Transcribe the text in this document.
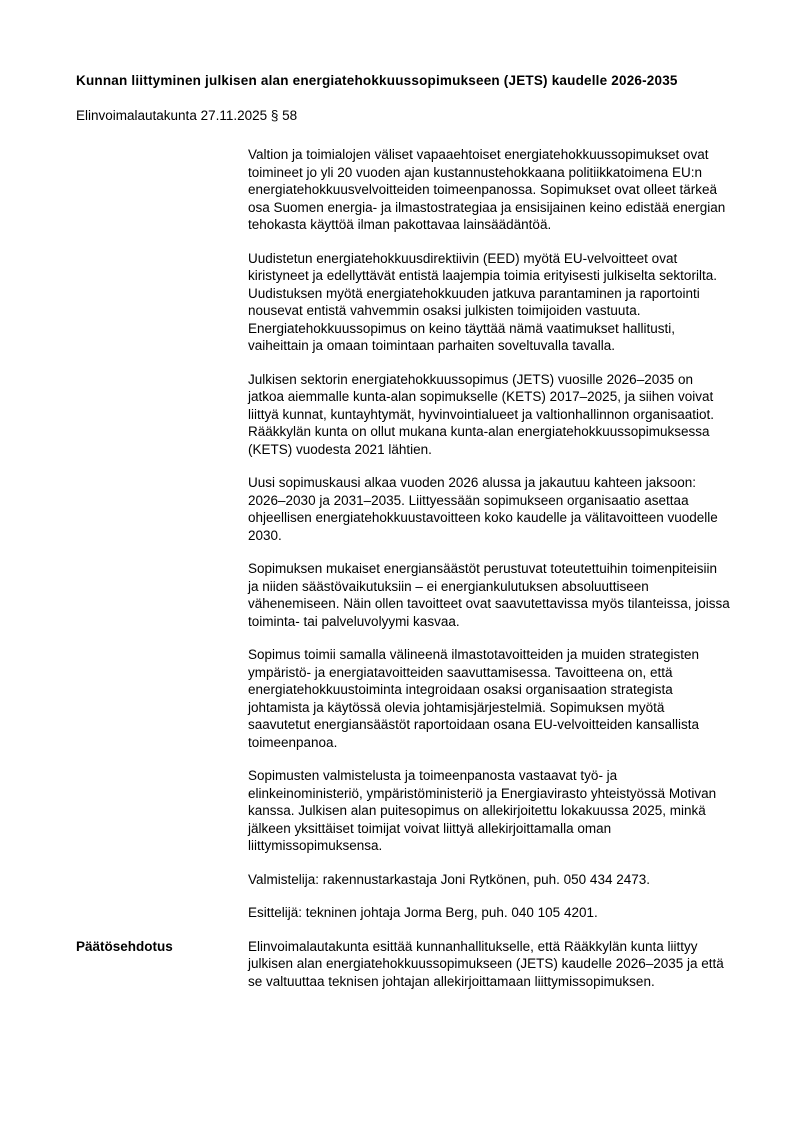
Kunnan liittyminen julkisen alan energiatehokkuussopimukseen (JETS) kaudelle 2026-2035
Elinvoimalautakunta 27.11.2025 § 58

Valtion ja toimialojen väliset vapaaehtoiset energiatehokkuussopimukset ovat toimineet jo yli 20 vuoden ajan kustannustehokkaana politiikkatoimena EU:n energiatehokkuusvelvoitteiden toimeenpanossa. Sopimukset ovat olleet tärkeä osa Suomen energia- ja ilmastostrategiaa ja ensisijainen keino edistää energian tehokasta käyttöä ilman pakottavaa lainsäädäntöä.

Uudistetun energiatehokkuusdirektiivin (EED) myötä EU-velvoitteet ovat kiristyneet ja edellyttävät entistä laajempia toimia erityisesti julkiselta sektorilta. Uudistuksen myötä energiatehokkuuden jatkuva parantaminen ja raportointi nousevat entistä vahvemmin osaksi julkisten toimijoiden vastuuta. Energiatehokkuussopimus on keino täyttää nämä vaatimukset hallitusti, vaiheittain ja omaan toimintaan parhaiten soveltuvalla tavalla.

Julkisen sektorin energiatehokkuussopimus (JETS) vuosille 2026–2035 on jatkoa aiemmalle kunta-alan sopimukselle (KETS) 2017–2025, ja siihen voivat liittyä kunnat, kuntayhtymät, hyvinvointialueet ja valtionhallinnon organisaatiot. Rääkkylän kunta on ollut mukana kunta-alan energiatehokkuussopimuksessa (KETS) vuodesta 2021 lähtien.

Uusi sopimuskausi alkaa vuoden 2026 alussa ja jakautuu kahteen jaksoon: 2026–2030 ja 2031–2035. Liittyessään sopimukseen organisaatio asettaa ohjeellisen energiatehokkuustavoitteen koko kaudelle ja välitavoitteen vuodelle 2030.

Sopimuksen mukaiset energiansäästöt perustuvat toteutettuihin toimenpiteisiin ja niiden säästövaikutuksiin – ei energiankulutuksen absoluuttiseen vähenemiseen. Näin ollen tavoitteet ovat saavutettavissa myös tilanteissa, joissa toiminta- tai palveluvolyymi kasvaa.

Sopimus toimii samalla välineenä ilmastotavoitteiden ja muiden strategisten ympäristö- ja energiatavoitteiden saavuttamisessa. Tavoitteena on, että energiatehokkuustoiminta integroidaan osaksi organisaation strategista johtamista ja käytössä olevia johtamisjärjestelmiä. Sopimuksen myötä saavutetut energiansäästöt raportoidaan osana EU-velvoitteiden kansallista toimeenpanoa.

Sopimusten valmistelusta ja toimeenpanosta vastaavat työ- ja elinkeinoministeriö, ympäristöministeriö ja Energiavirasto yhteistyössä Motivan kanssa. Julkisen alan puitesopimus on allekirjoitettu lokakuussa 2025, minkä jälkeen yksittäiset toimijat voivat liittyä allekirjoittamalla oman liittymissopimuksensa.

Valmistelija: rakennustarkastaja Joni Rytkönen, puh. 050 434 2473.

Esittelijä: tekninen johtaja Jorma Berg, puh. 040 105 4201.

Päätösehdotus	Elinvoimalautakunta esittää kunnanhallitukselle, että Rääkkylän kunta liittyy julkisen alan energiatehokkuussopimukseen (JETS) kaudelle 2026–2035 ja että se valtuuttaa teknisen johtajan allekirjoittamaan liittymissopimuksen.
